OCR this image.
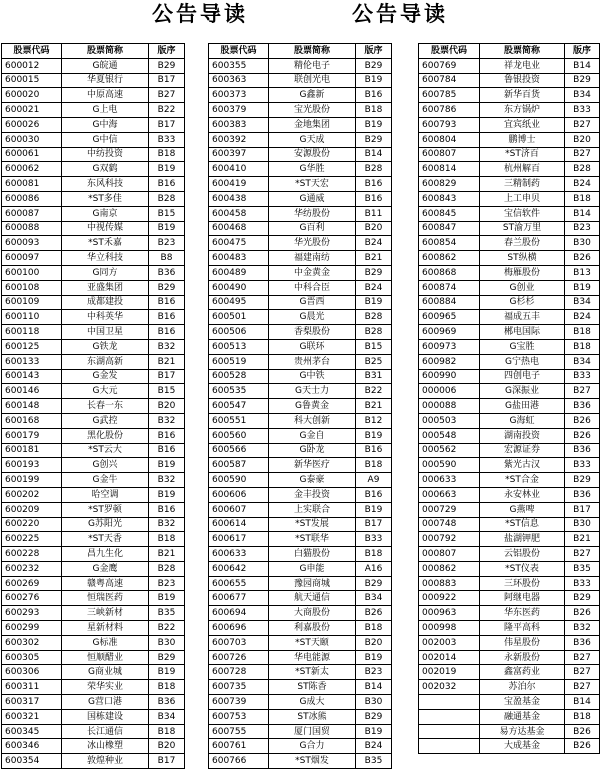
公告导读	公告导读
股票代码	股票简称	版序
600012	G皖通	B29
600015	华夏银行	B17
600020	中原高速	B27
600021	G上电	B22
600026	G中海	B17
600030	G中信	B33
600061	中纺投资	B18
600062	G双鹤	B19
600081	东风科技	B16
600086	*ST多佳	B28
600087	G南京	B15
600088	中视传媒	B19
600093	*ST禾嘉	B23
600097	华立科技	B8
600100	G同方	B36
600108	亚盛集团	B29
600109	成都建投	B16
600110	中科英华	B16
600118	中国卫星	B16
600125	G铁龙	B32
600133	东湖高新	B21
600143	G金发	B17
600146	G大元	B15
600148	长春一东	B20
600168	G武控	B32
600179	黑化股份	B16
600181	*ST云大	B16
600193	G创兴	B19
600199	G金牛	B32
600202	哈空调	B19
600209	*ST罗顿	B16
600220	G苏阳光	B32
600225	*ST天香	B18
600228	昌九生化	B21
600232	G金鹰	B28
600269	赣粤高速	B23
600276	恒瑞医药	B19
600293	三峡新材	B35
600299	星新材料	B22
600302	G标准	B30
600305	恒顺醋业	B29
600306	G商业城	B19
600311	荣华实业	B18
600317	G营口港	B36
600321	国栋建设	B34
600345	长江通信	B18
600346	冰山橡塑	B20
600354	敦煌种业	B17
股票代码	股票简称	版序
600355	精伦电子	B29
600363	联创光电	B19
600373	G鑫新	B16
600379	宝光股份	B18
600383	金地集团	B19
600392	G天成	B29
600397	安源股份	B14
600410	G华胜	B28
600419	*ST天宏	B16
600438	G通威	B16
600458	华纺股份	B11
600468	G百利	B20
600475	华光股份	B24
600483	福建南纺	B21
600489	中金黄金	B29
600490	中科合臣	B24
600495	G晋西	B19
600501	G晨光	B28
600506	香梨股份	B28
600513	G联环	B15
600519	贵州茅台	B25
600528	G中铁	B31
600535	G天士力	B22
600547	G鲁黄金	B21
600551	科大创新	B12
600560	G金自	B19
600566	G卧龙	B16
600587	新华医疗	B18
600590	G泰豪	A9
600606	金丰投资	B16
600607	上实联合	B19
600614	*ST发展	B17
600617	*ST联华	B33
600633	白猫股份	B18
600642	G申能	A16
600655	豫园商城	B29
600677	航天通信	B34
600694	大商股份	B26
600696	利嘉股份	B18
600703	*ST天颐	B20
600726	华电能源	B19
600728	*ST新太	B23
600735	ST陈香	B14
600739	G成大	B30
600753	ST冰熊	B29
600755	厦门国贸	B19
600761	G合力	B24
600766	*ST烟发	B35
股票代码	股票简称	版序
600769	祥龙电业	B14
600784	鲁银投资	B29
600785	新华百货	B34
600786	东方锅炉	B33
600793	宜宾纸业	B27
600804	鹏博士	B20
600807	*ST济百	B27
600814	杭州解百	B28
600829	三精制药	B24
600843	上工申贝	B18
600845	宝信软件	B14
600847	ST渝万里	B23
600854	春兰股份	B30
600862	ST纵横	B26
600868	梅雁股份	B13
600874	G创业	B19
600884	G杉杉	B34
600965	福成五丰	B24
600969	郴电国际	B18
600973	G宝胜	B18
600982	G宁热电	B34
600990	四创电子	B33
000006	G深振业	B27
000088	G盐田港	B36
000503	G海虹	B26
000548	湖南投资	B26
000562	宏源证券	B36
000590	紫光古汉	B33
000633	*ST合金	B29
000663	永安林业	B36
000729	G燕啤	B17
000748	*ST信息	B30
000792	盐湖钾肥	B21
000807	云铝股份	B27
000862	*ST仪表	B35
000883	三环股份	B33
000922	阿继电器	B29
000963	华东医药	B26
000998	隆平高科	B32
002003	伟星股份	B36
002014	永新股份	B27
002019	鑫富药业	B27
002032	苏泊尔	B27
	宝盈基金	B14
	融通基金	B18
	易方达基金	B26
	大成基金	B26
